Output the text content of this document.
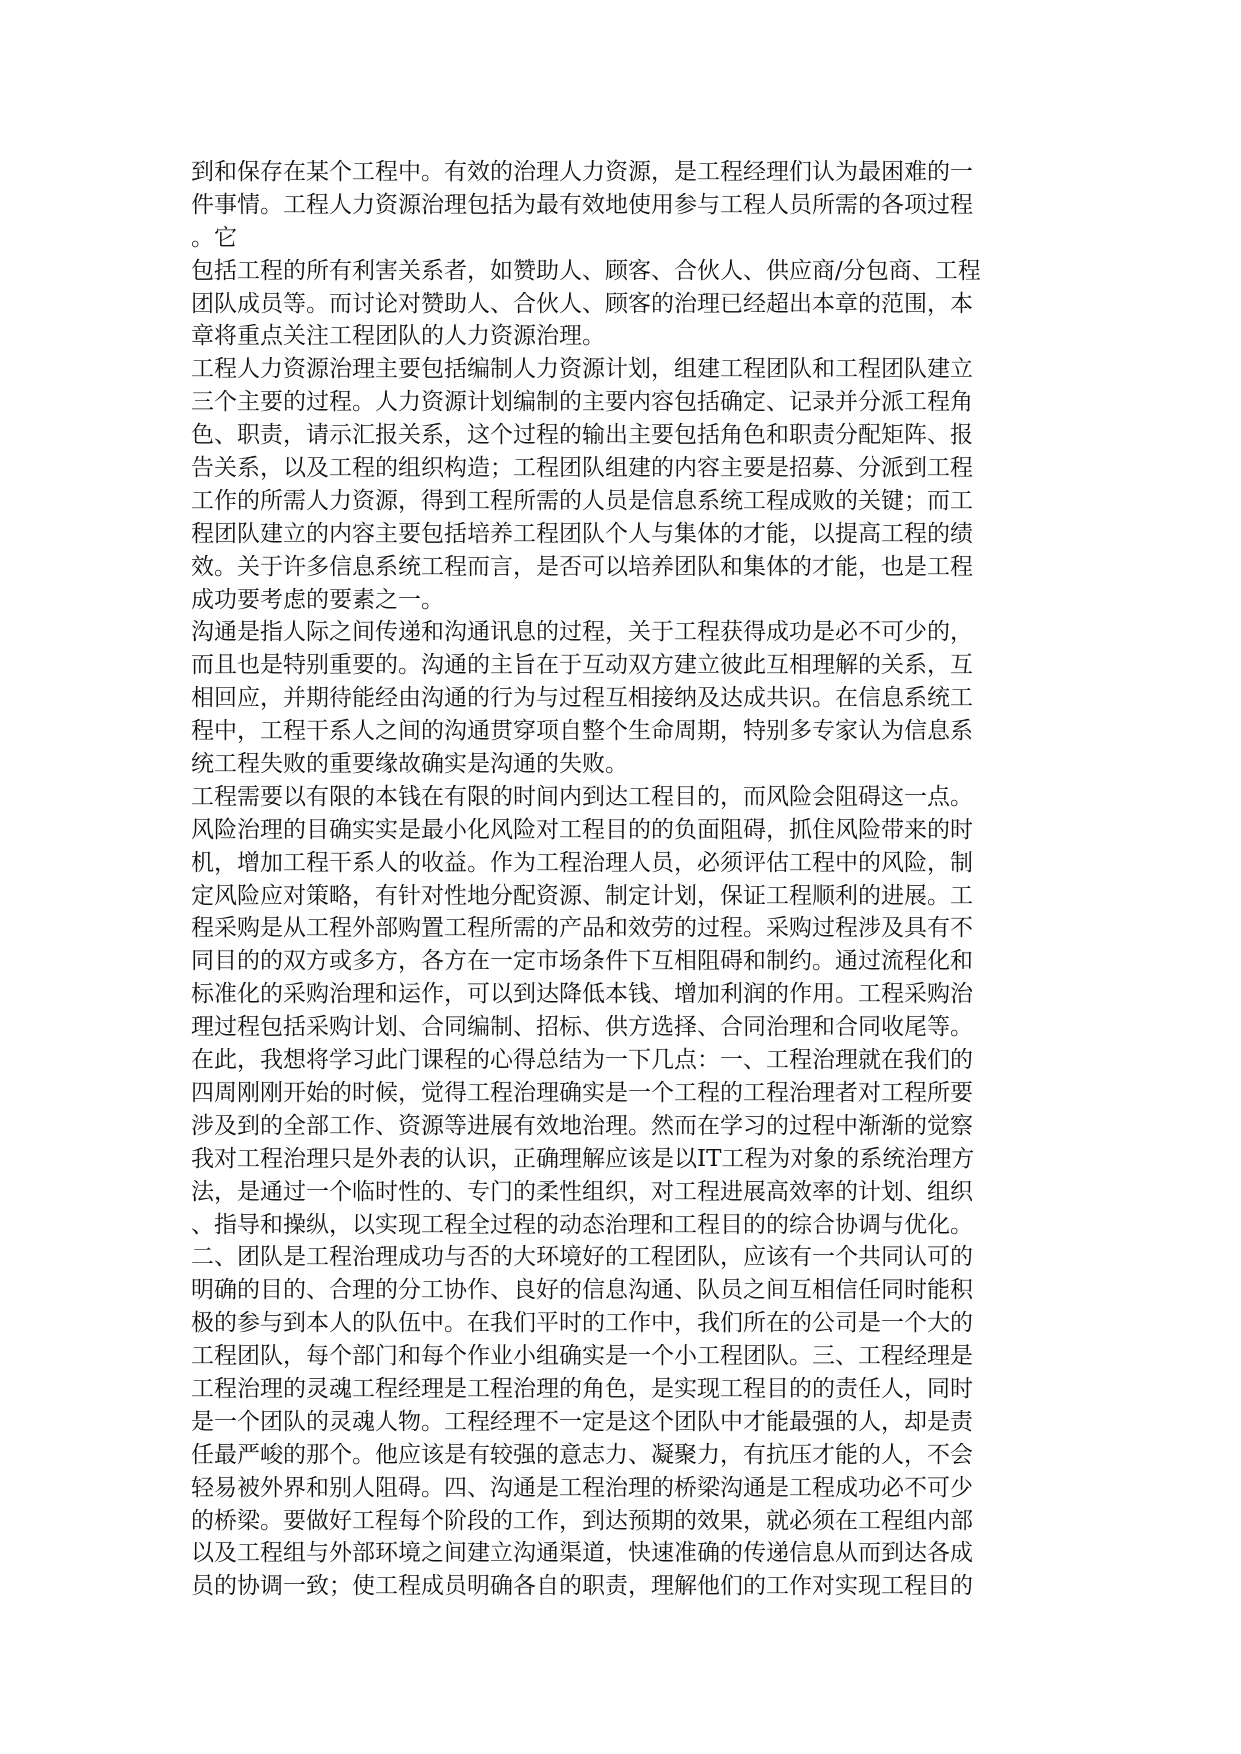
到和保存在某个工程中。有效的治理人力资源，是工程经理们认为最困难的一
件事情。工程人力资源治理包括为最有效地使用参与工程人员所需的各项过程
。它
包括工程的所有利害关系者，如赞助人、顾客、合伙人、供应商/分包商、工程
团队成员等。而讨论对赞助人、合伙人、顾客的治理已经超出本章的范围，本
章将重点关注工程团队的人力资源治理。
工程人力资源治理主要包括编制人力资源计划，组建工程团队和工程团队建立
三个主要的过程。人力资源计划编制的主要内容包括确定、记录并分派工程角
色、职责，请示汇报关系，这个过程的输出主要包括角色和职责分配矩阵、报
告关系，以及工程的组织构造；工程团队组建的内容主要是招募、分派到工程
工作的所需人力资源，得到工程所需的人员是信息系统工程成败的关键；而工
程团队建立的内容主要包括培养工程团队个人与集体的才能，以提高工程的绩
效。关于许多信息系统工程而言，是否可以培养团队和集体的才能，也是工程
成功要考虑的要素之一。
沟通是指人际之间传递和沟通讯息的过程，关于工程获得成功是必不可少的，
而且也是特别重要的。沟通的主旨在于互动双方建立彼此互相理解的关系，互
相回应，并期待能经由沟通的行为与过程互相接纳及达成共识。在信息系统工
程中，工程干系人之间的沟通贯穿项自整个生命周期，特别多专家认为信息系
统工程失败的重要缘故确实是沟通的失败。
工程需要以有限的本钱在有限的时间内到达工程目的，而风险会阻碍这一点。
风险治理的目确实实是最小化风险对工程目的的负面阻碍，抓住风险带来的时
机，增加工程干系人的收益。作为工程治理人员，必须评估工程中的风险，制
定风险应对策略，有针对性地分配资源、制定计划，保证工程顺利的进展。工
程采购是从工程外部购置工程所需的产品和效劳的过程。采购过程涉及具有不
同目的的双方或多方，各方在一定市场条件下互相阻碍和制约。通过流程化和
标准化的采购治理和运作，可以到达降低本钱、增加利润的作用。工程采购治
理过程包括采购计划、合同编制、招标、供方选择、合同治理和合同收尾等。
在此，我想将学习此门课程的心得总结为一下几点：一、工程治理就在我们的
四周刚刚开始的时候，觉得工程治理确实是一个工程的工程治理者对工程所要
涉及到的全部工作、资源等进展有效地治理。然而在学习的过程中渐渐的觉察
我对工程治理只是外表的认识，正确理解应该是以IT工程为对象的系统治理方
法，是通过一个临时性的、专门的柔性组织，对工程进展高效率的计划、组织
、指导和操纵，以实现工程全过程的动态治理和工程目的的综合协调与优化。
二、团队是工程治理成功与否的大环境好的工程团队，应该有一个共同认可的
明确的目的、合理的分工协作、良好的信息沟通、队员之间互相信任同时能积
极的参与到本人的队伍中。在我们平时的工作中，我们所在的公司是一个大的
工程团队，每个部门和每个作业小组确实是一个小工程团队。三、工程经理是
工程治理的灵魂工程经理是工程治理的角色，是实现工程目的的责任人，同时
是一个团队的灵魂人物。工程经理不一定是这个团队中才能最强的人，却是责
任最严峻的那个。他应该是有较强的意志力、凝聚力，有抗压才能的人，不会
轻易被外界和别人阻碍。四、沟通是工程治理的桥梁沟通是工程成功必不可少
的桥梁。要做好工程每个阶段的工作，到达预期的效果，就必须在工程组内部
以及工程组与外部环境之间建立沟通渠道，快速准确的传递信息从而到达各成
员的协调一致；使工程成员明确各自的职责，理解他们的工作对实现工程目的
